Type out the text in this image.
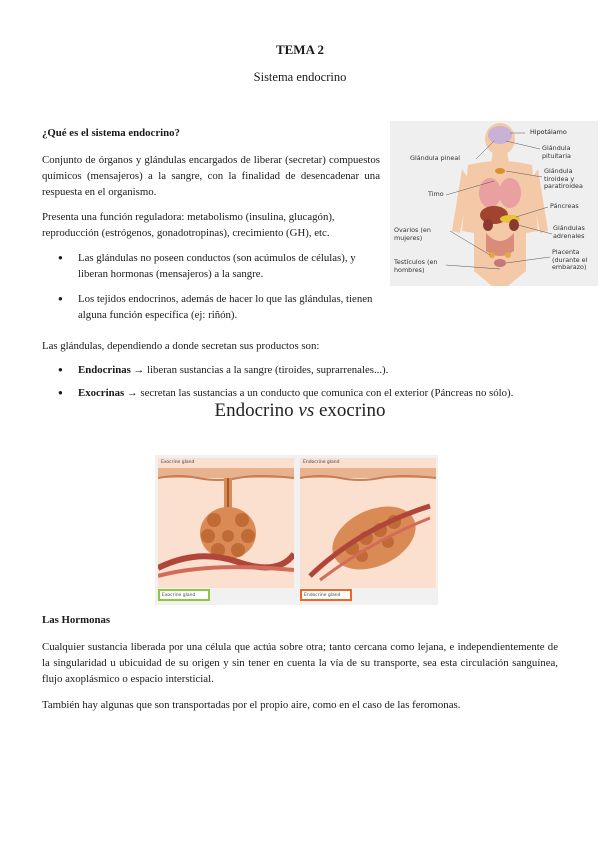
TEMA 2
Sistema endocrino
¿Qué es el sistema endocrino?
Conjunto de órganos y glándulas encargados de liberar (secretar) compuestos químicos (mensajeros) a la sangre, con la finalidad de desencadenar una respuesta en el organismo.
Presenta una función reguladora: metabolismo (insulina, glucagón), reproducción (estrógenos, gonadotropinas), crecimiento (GH), etc.
● Las glándulas no poseen conductos (son acúmulos de células), y liberan hormonas (mensajeros) a la sangre.
● Los tejidos endocrinos, además de hacer lo que las glándulas, tienen alguna función específica (ej: riñón).
Hipotálamo
Glándula pituitaria
Glándula pineal
Glándula tiroidea y paratiroidea
Timo
Páncreas
Ovarios (en mujeres)
Glándulas adrenales
Testículos (en hombres)
Placenta (durante el embarazo)
Las glándulas, dependiendo a donde secretan sus productos son:
● Endocrinas → liberan sustancias a la sangre (tiroides, suprarrenales...).
● Exocrinas → secretan las sustancias a un conducto que comunica con el exterior (Páncreas no sólo).
Endocrino vs exocrino
Exocrine gland	Endocrine gland
Exocrine gland	Endocrine gland
Las Hormonas
Cualquier sustancia liberada por una célula que actúa sobre otra; tanto cercana como lejana, e independientemente de la singularidad u ubicuidad de su origen y sin tener en cuenta la vía de su transporte, sea esta circulación sanguínea, flujo axoplásmico o espacio intersticial.
También hay algunas que son transportadas por el propio aire, como en el caso de las feromonas.
